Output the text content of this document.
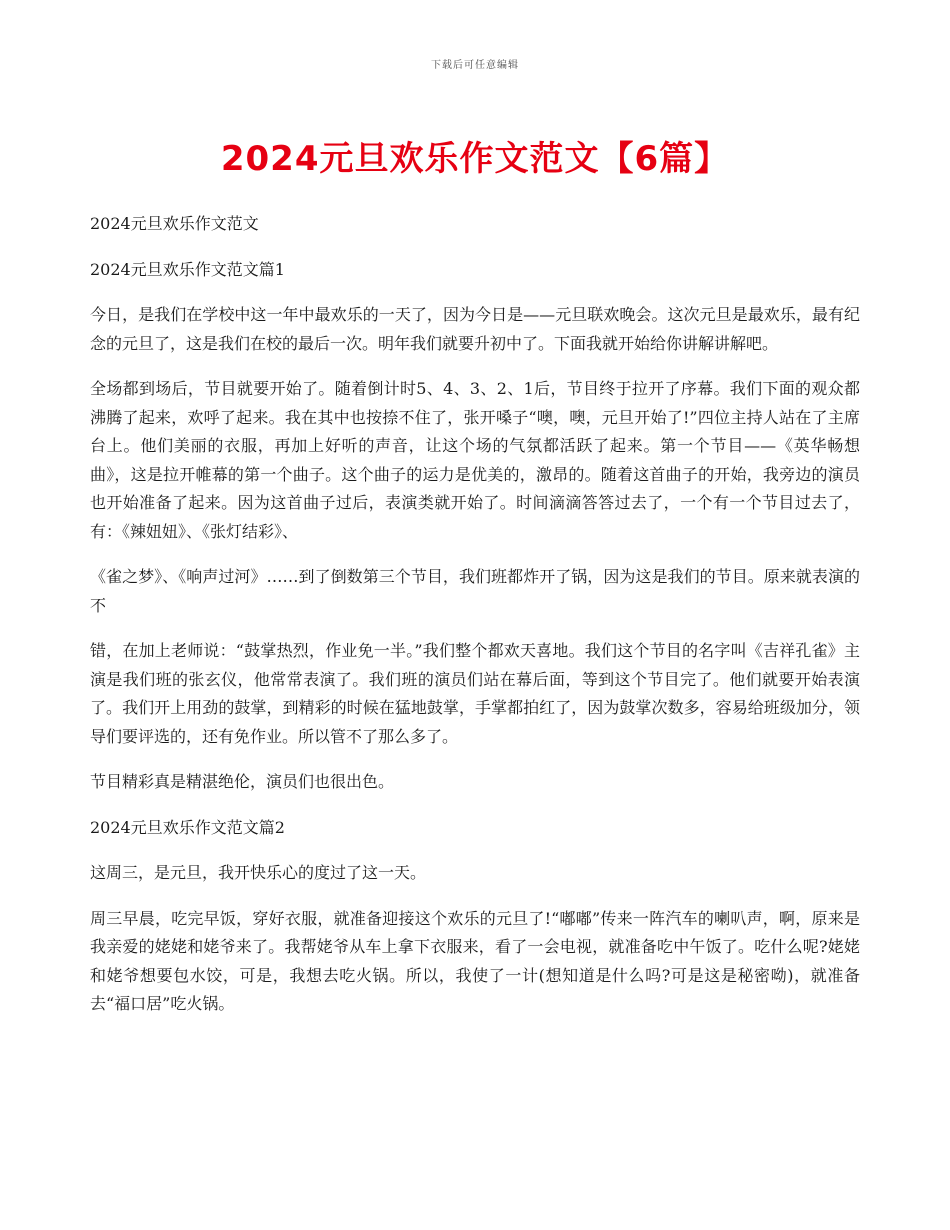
下载后可任意编辑
2024元旦欢乐作文范文【6篇】

2024元旦欢乐作文范文

2024元旦欢乐作文范文篇1

今日，是我们在学校中这一年中最欢乐的一天了，因为今日是——元旦联欢晚会。这次元旦是最欢乐，最有纪念的元旦了，这是我们在校的最后一次。明年我们就要升初中了。下面我就开始给你讲解讲解吧。

全场都到场后，节目就要开始了。随着倒计时5、4、3、2、1后，节目终于拉开了序幕。我们下面的观众都沸腾了起来，欢呼了起来。我在其中也按捺不住了，张开嗓子“噢，噢，元旦开始了!”四位主持人站在了主席台上。他们美丽的衣服，再加上好听的声音，让这个场的气氛都活跃了起来。第一个节目——《英华畅想曲》，这是拉开帷幕的第一个曲子。这个曲子的运力是优美的，激昂的。随着这首曲子的开始，我旁边的演员也开始准备了起来。因为这首曲子过后，表演类就开始了。时间滴滴答答过去了，一个有一个节目过去了，有：《辣妞妞》、《张灯结彩》、

《雀之梦》、《响声过河》……到了倒数第三个节目，我们班都炸开了锅，因为这是我们的节目。原来就表演的不

错，在加上老师说：“鼓掌热烈，作业免一半。”我们整个都欢天喜地。我们这个节目的名字叫《吉祥孔雀》主演是我们班的张玄仪，他常常表演了。我们班的演员们站在幕后面，等到这个节目完了。他们就要开始表演了。我们开上用劲的鼓掌，到精彩的时候在猛地鼓掌，手掌都拍红了，因为鼓掌次数多，容易给班级加分，领导们要评选的，还有免作业。所以管不了那么多了。

节目精彩真是精湛绝伦，演员们也很出色。

2024元旦欢乐作文范文篇2

这周三，是元旦，我开快乐心的度过了这一天。

周三早晨，吃完早饭，穿好衣服，就准备迎接这个欢乐的元旦了!“嘟嘟”传来一阵汽车的喇叭声，啊，原来是我亲爱的姥姥和姥爷来了。我帮姥爷从车上拿下衣服来，看了一会电视，就准备吃中午饭了。吃什么呢?姥姥和姥爷想要包水饺，可是，我想去吃火锅。所以，我使了一计(想知道是什么吗?可是这是秘密呦)，就准备去“福口居”吃火锅。
